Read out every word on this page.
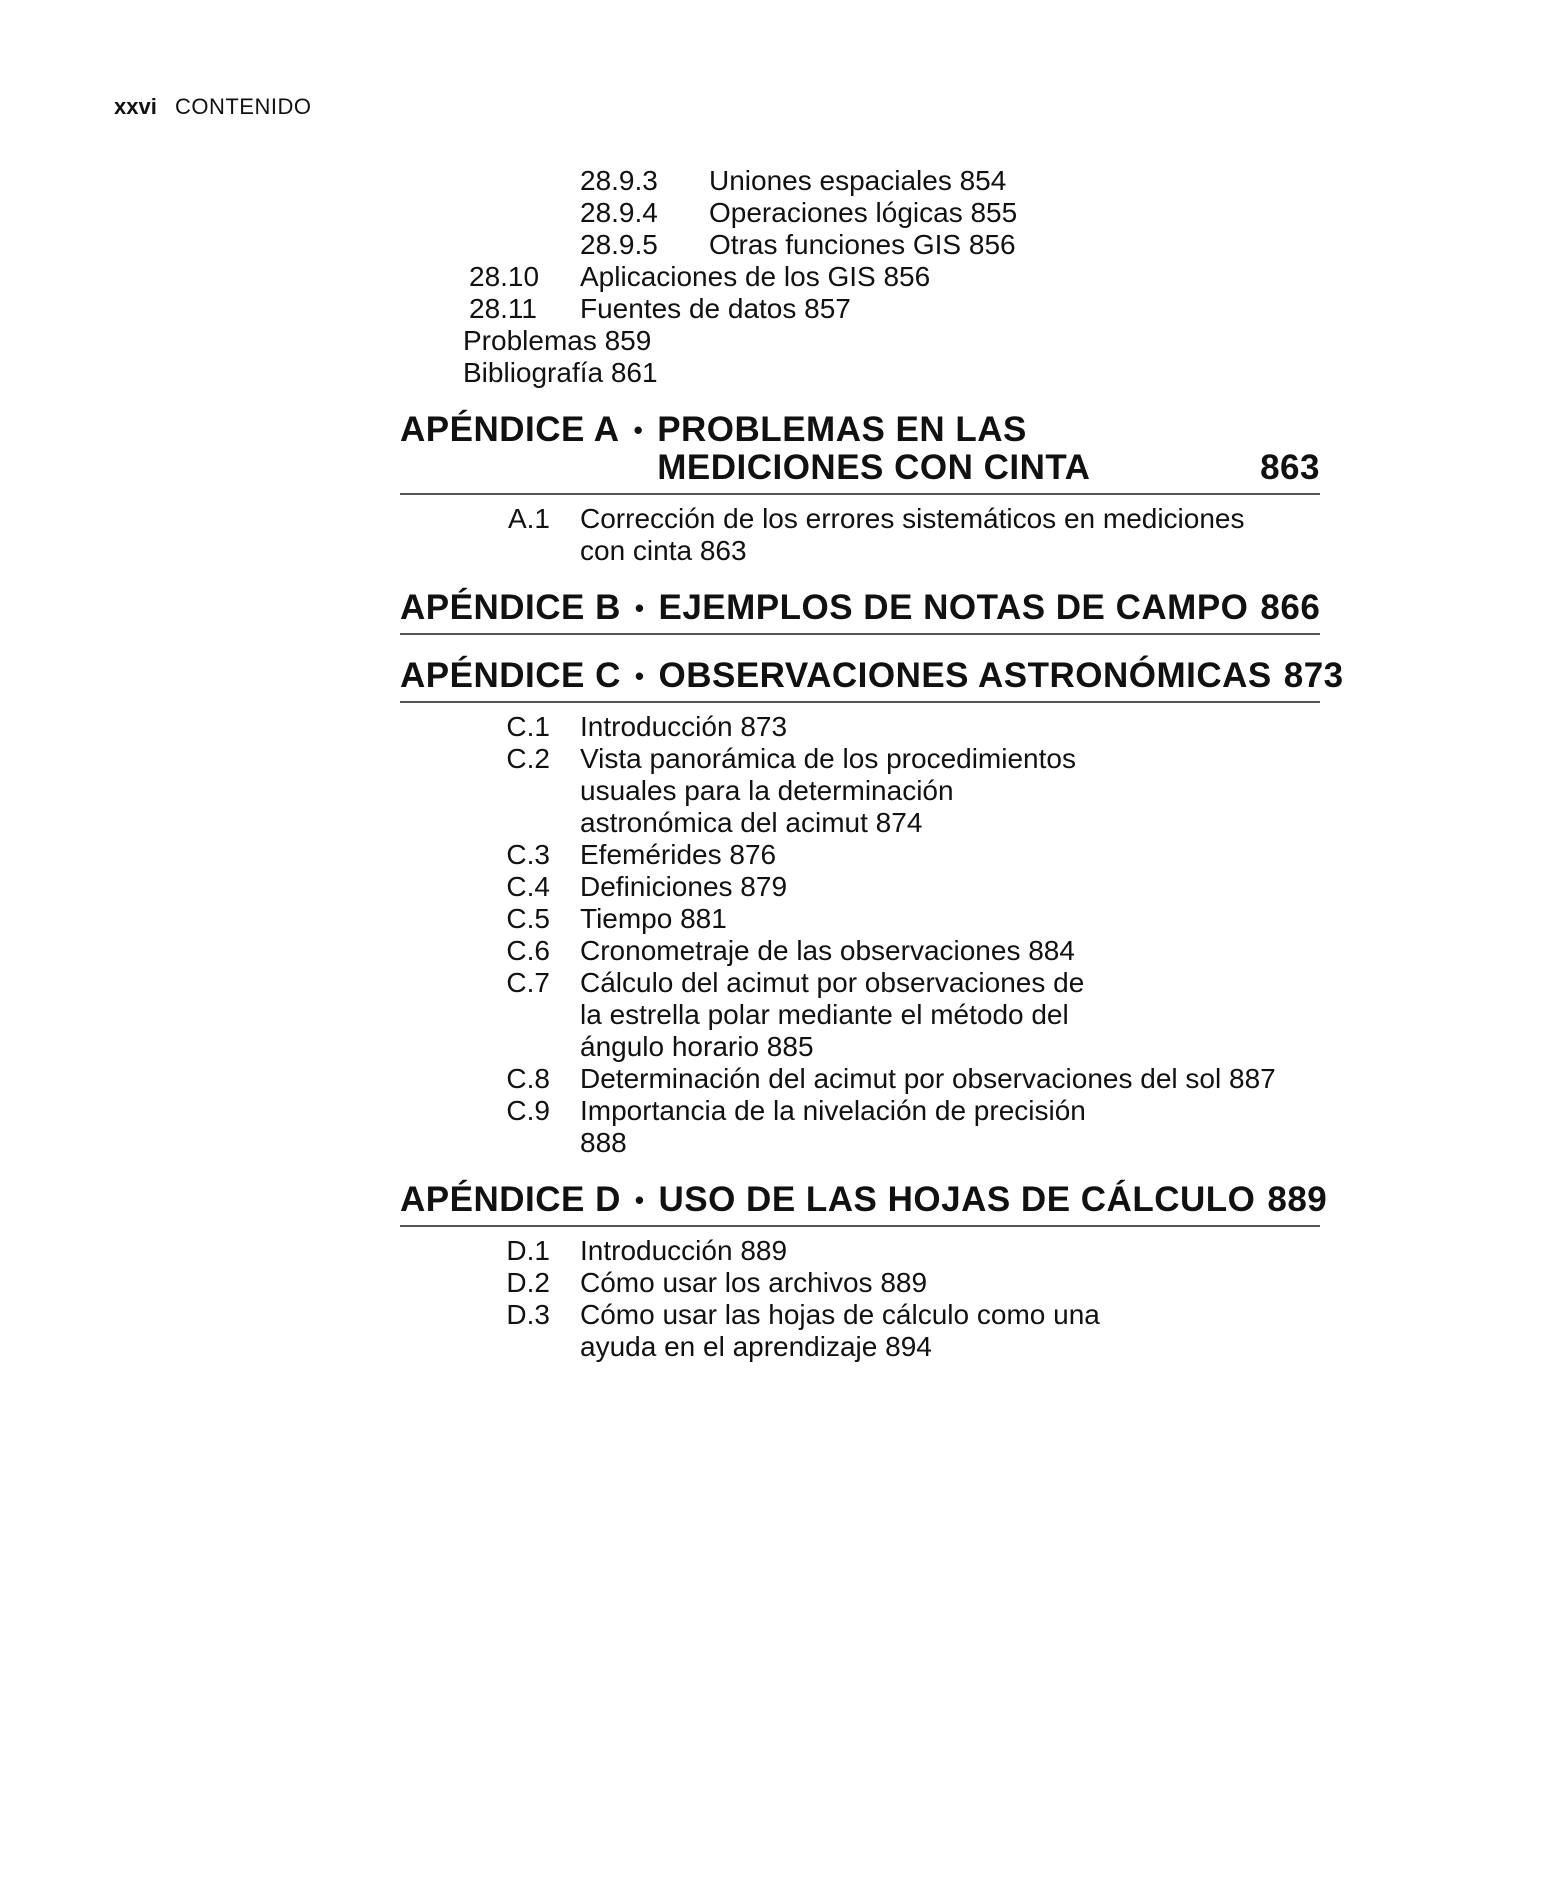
xxvi CONTENIDO
28.9.3 Uniones espaciales 854
28.9.4 Operaciones lógicas 855
28.9.5 Otras funciones GIS 856
28.10 Aplicaciones de los GIS 856
28.11 Fuentes de datos 857
Problemas 859
Bibliografía 861
APÉNDICE A • PROBLEMAS EN LAS
MEDICIONES CON CINTA	863
A.1 Corrección de los errores sistemáticos en mediciones con cinta 863
APÉNDICE B • EJEMPLOS DE NOTAS DE CAMPO 866
APÉNDICE C • OBSERVACIONES ASTRONÓMICAS 873
C.1 Introducción 873
C.2 Vista panorámica de los procedimientos usuales para la determinación astronómica del acimut 874
C.3 Efemérides 876
C.4 Definiciones 879
C.5 Tiempo 881
C.6 Cronometraje de las observaciones 884
C.7 Cálculo del acimut por observaciones de la estrella polar mediante el método del ángulo horario 885
C.8 Determinación del acimut por observaciones del sol 887
C.9 Importancia de la nivelación de precisión 888
APÉNDICE D • USO DE LAS HOJAS DE CÁLCULO 889
D.1 Introducción 889
D.2 Cómo usar los archivos 889
D.3 Cómo usar las hojas de cálculo como una ayuda en el aprendizaje 894
